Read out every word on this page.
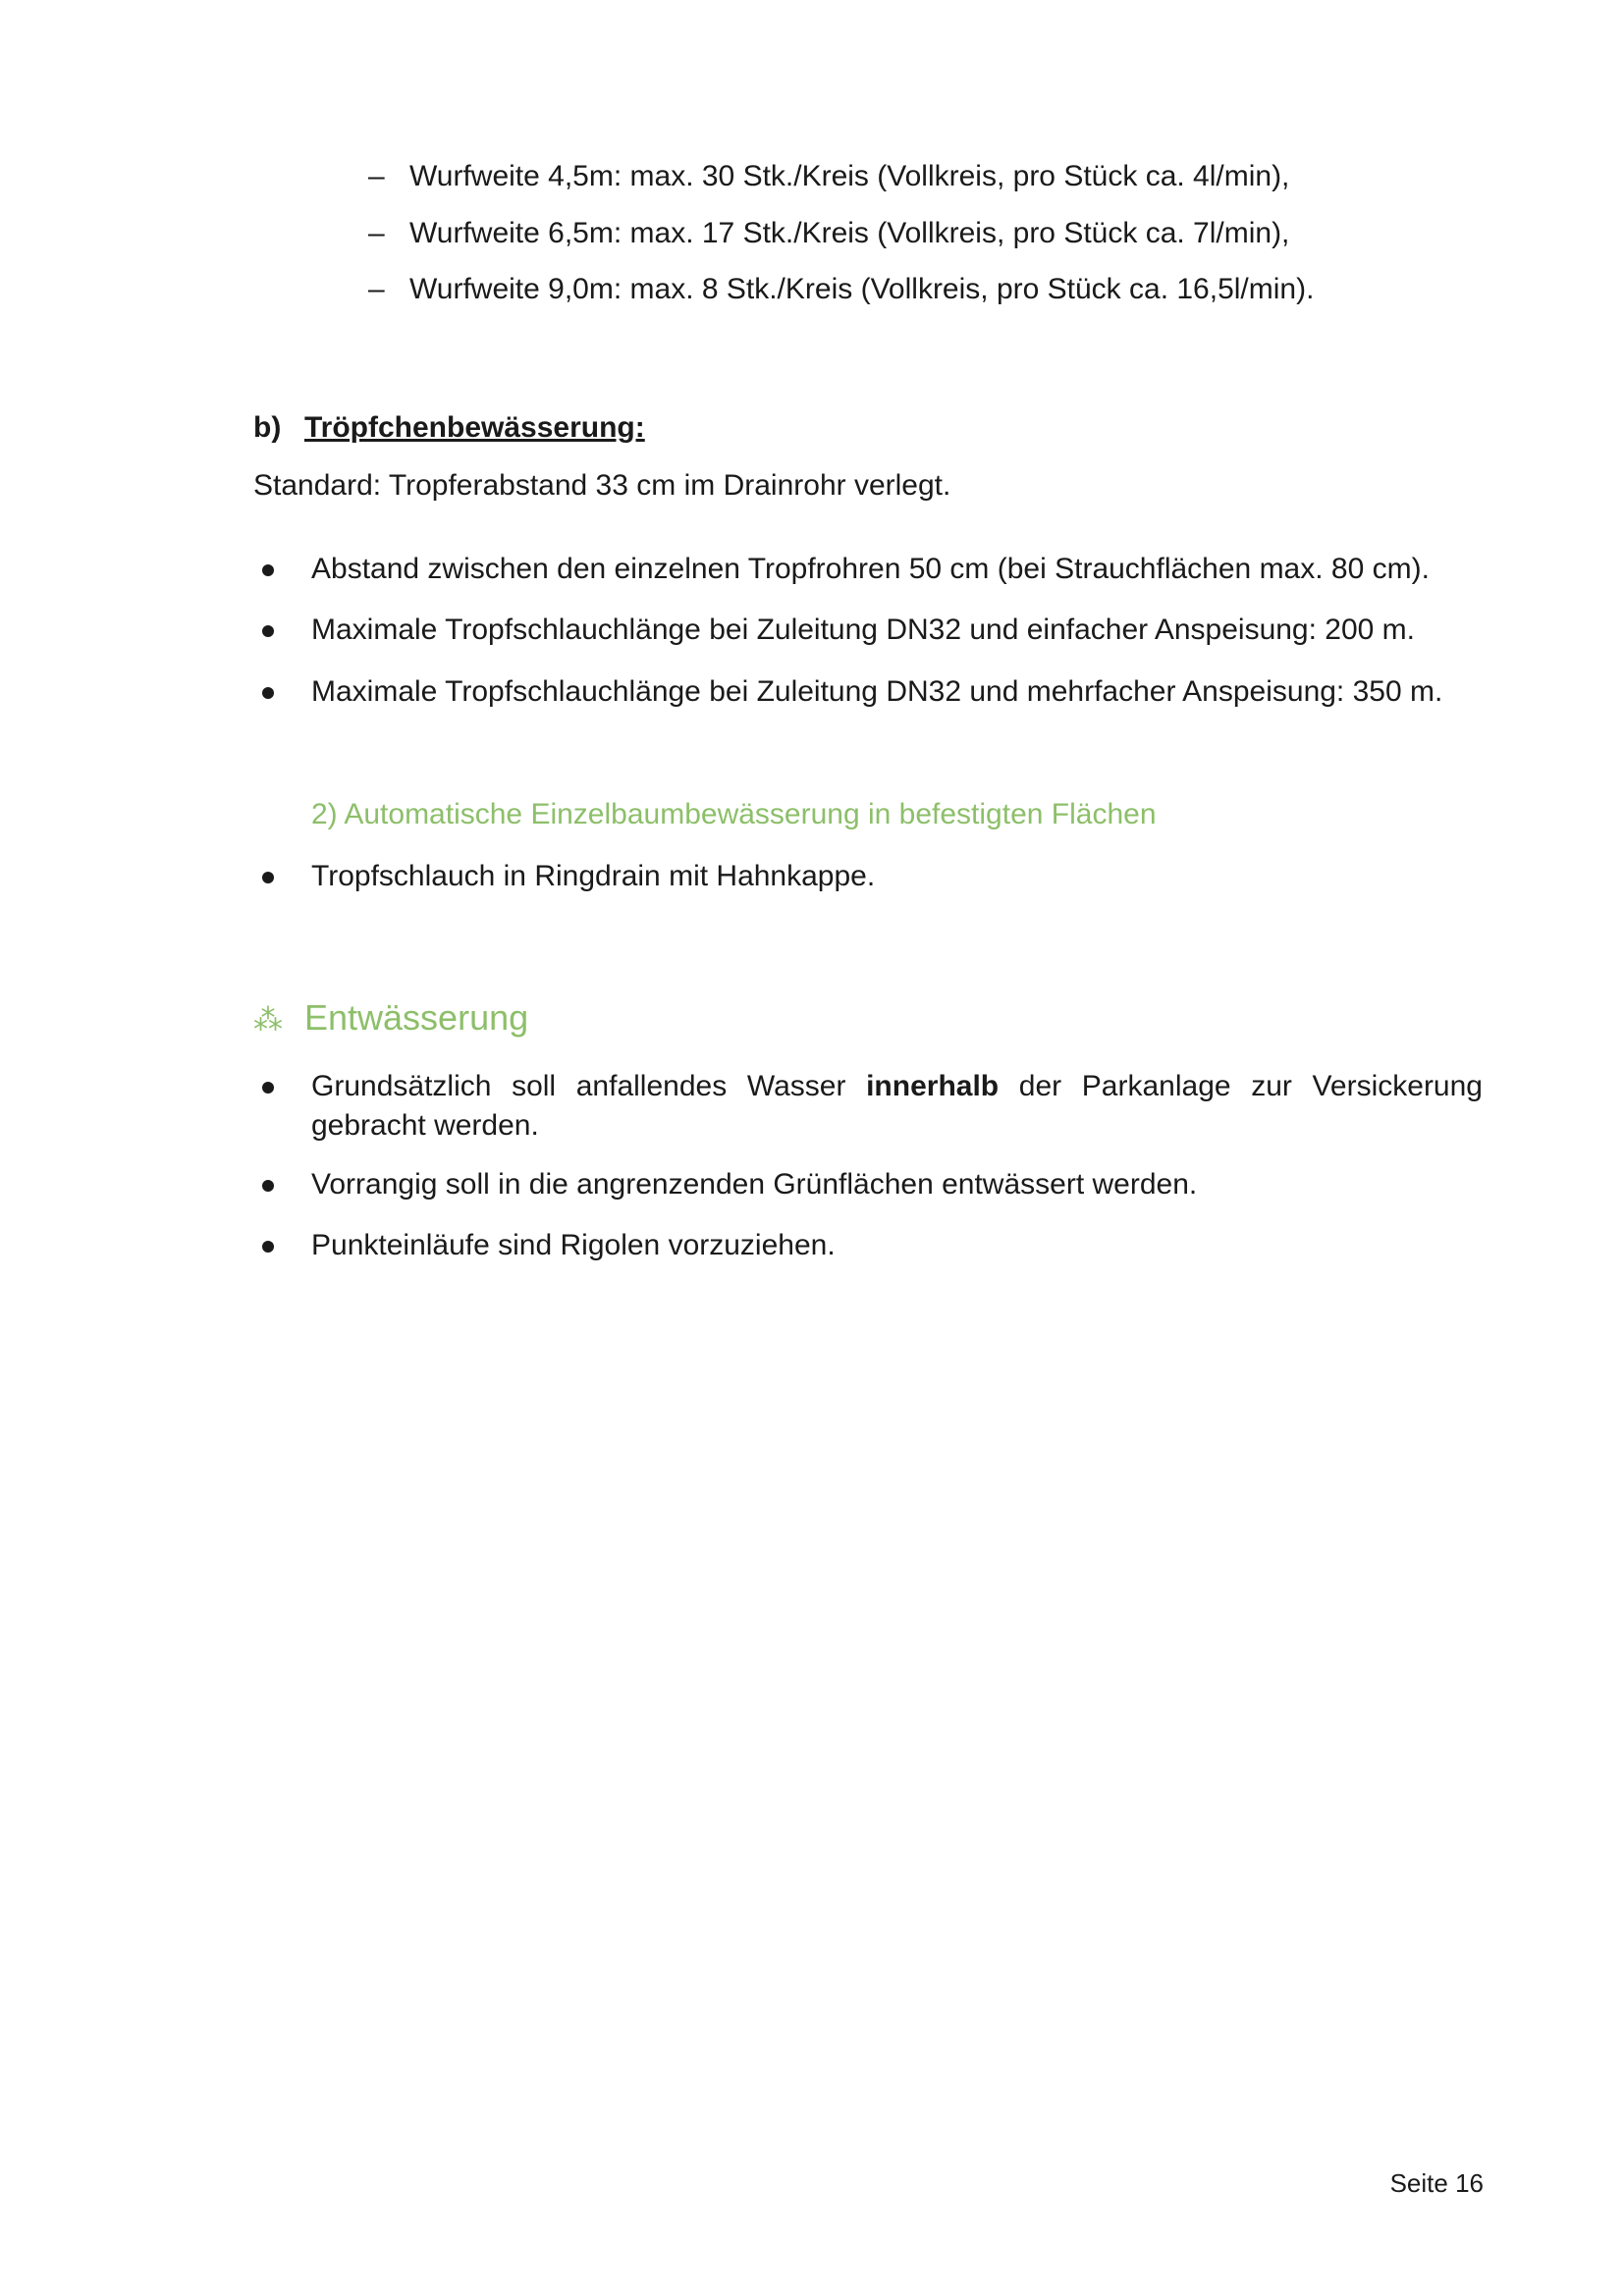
‒ Wurfweite 4,5m: max. 30 Stk./Kreis (Vollkreis, pro Stück ca. 4l/min),
‒ Wurfweite 6,5m: max. 17 Stk./Kreis (Vollkreis, pro Stück ca. 7l/min),
‒ Wurfweite 9,0m: max. 8 Stk./Kreis (Vollkreis, pro Stück ca. 16,5l/min).
b) Tröpfchenbewässerung:
Standard: Tropferabstand 33 cm im Drainrohr verlegt.
Abstand zwischen den einzelnen Tropfrohren 50 cm (bei Strauchflächen max. 80 cm).
Maximale Tropfschlauchlänge bei Zuleitung DN32 und einfacher Anspeisung: 200 m.
Maximale Tropfschlauchlänge bei Zuleitung DN32 und mehrfacher Anspeisung: 350 m.
2) Automatische Einzelbaumbewässerung in befestigten Flächen
Tropfschlauch in Ringdrain mit Hahnkappe.
⁂ Entwässerung
Grundsätzlich soll anfallendes Wasser innerhalb der Parkanlage zur Versickerung gebracht werden.
Vorrangig soll in die angrenzenden Grünflächen entwässert werden.
Punkteinläufe sind Rigolen vorzuziehen.
Seite 16
